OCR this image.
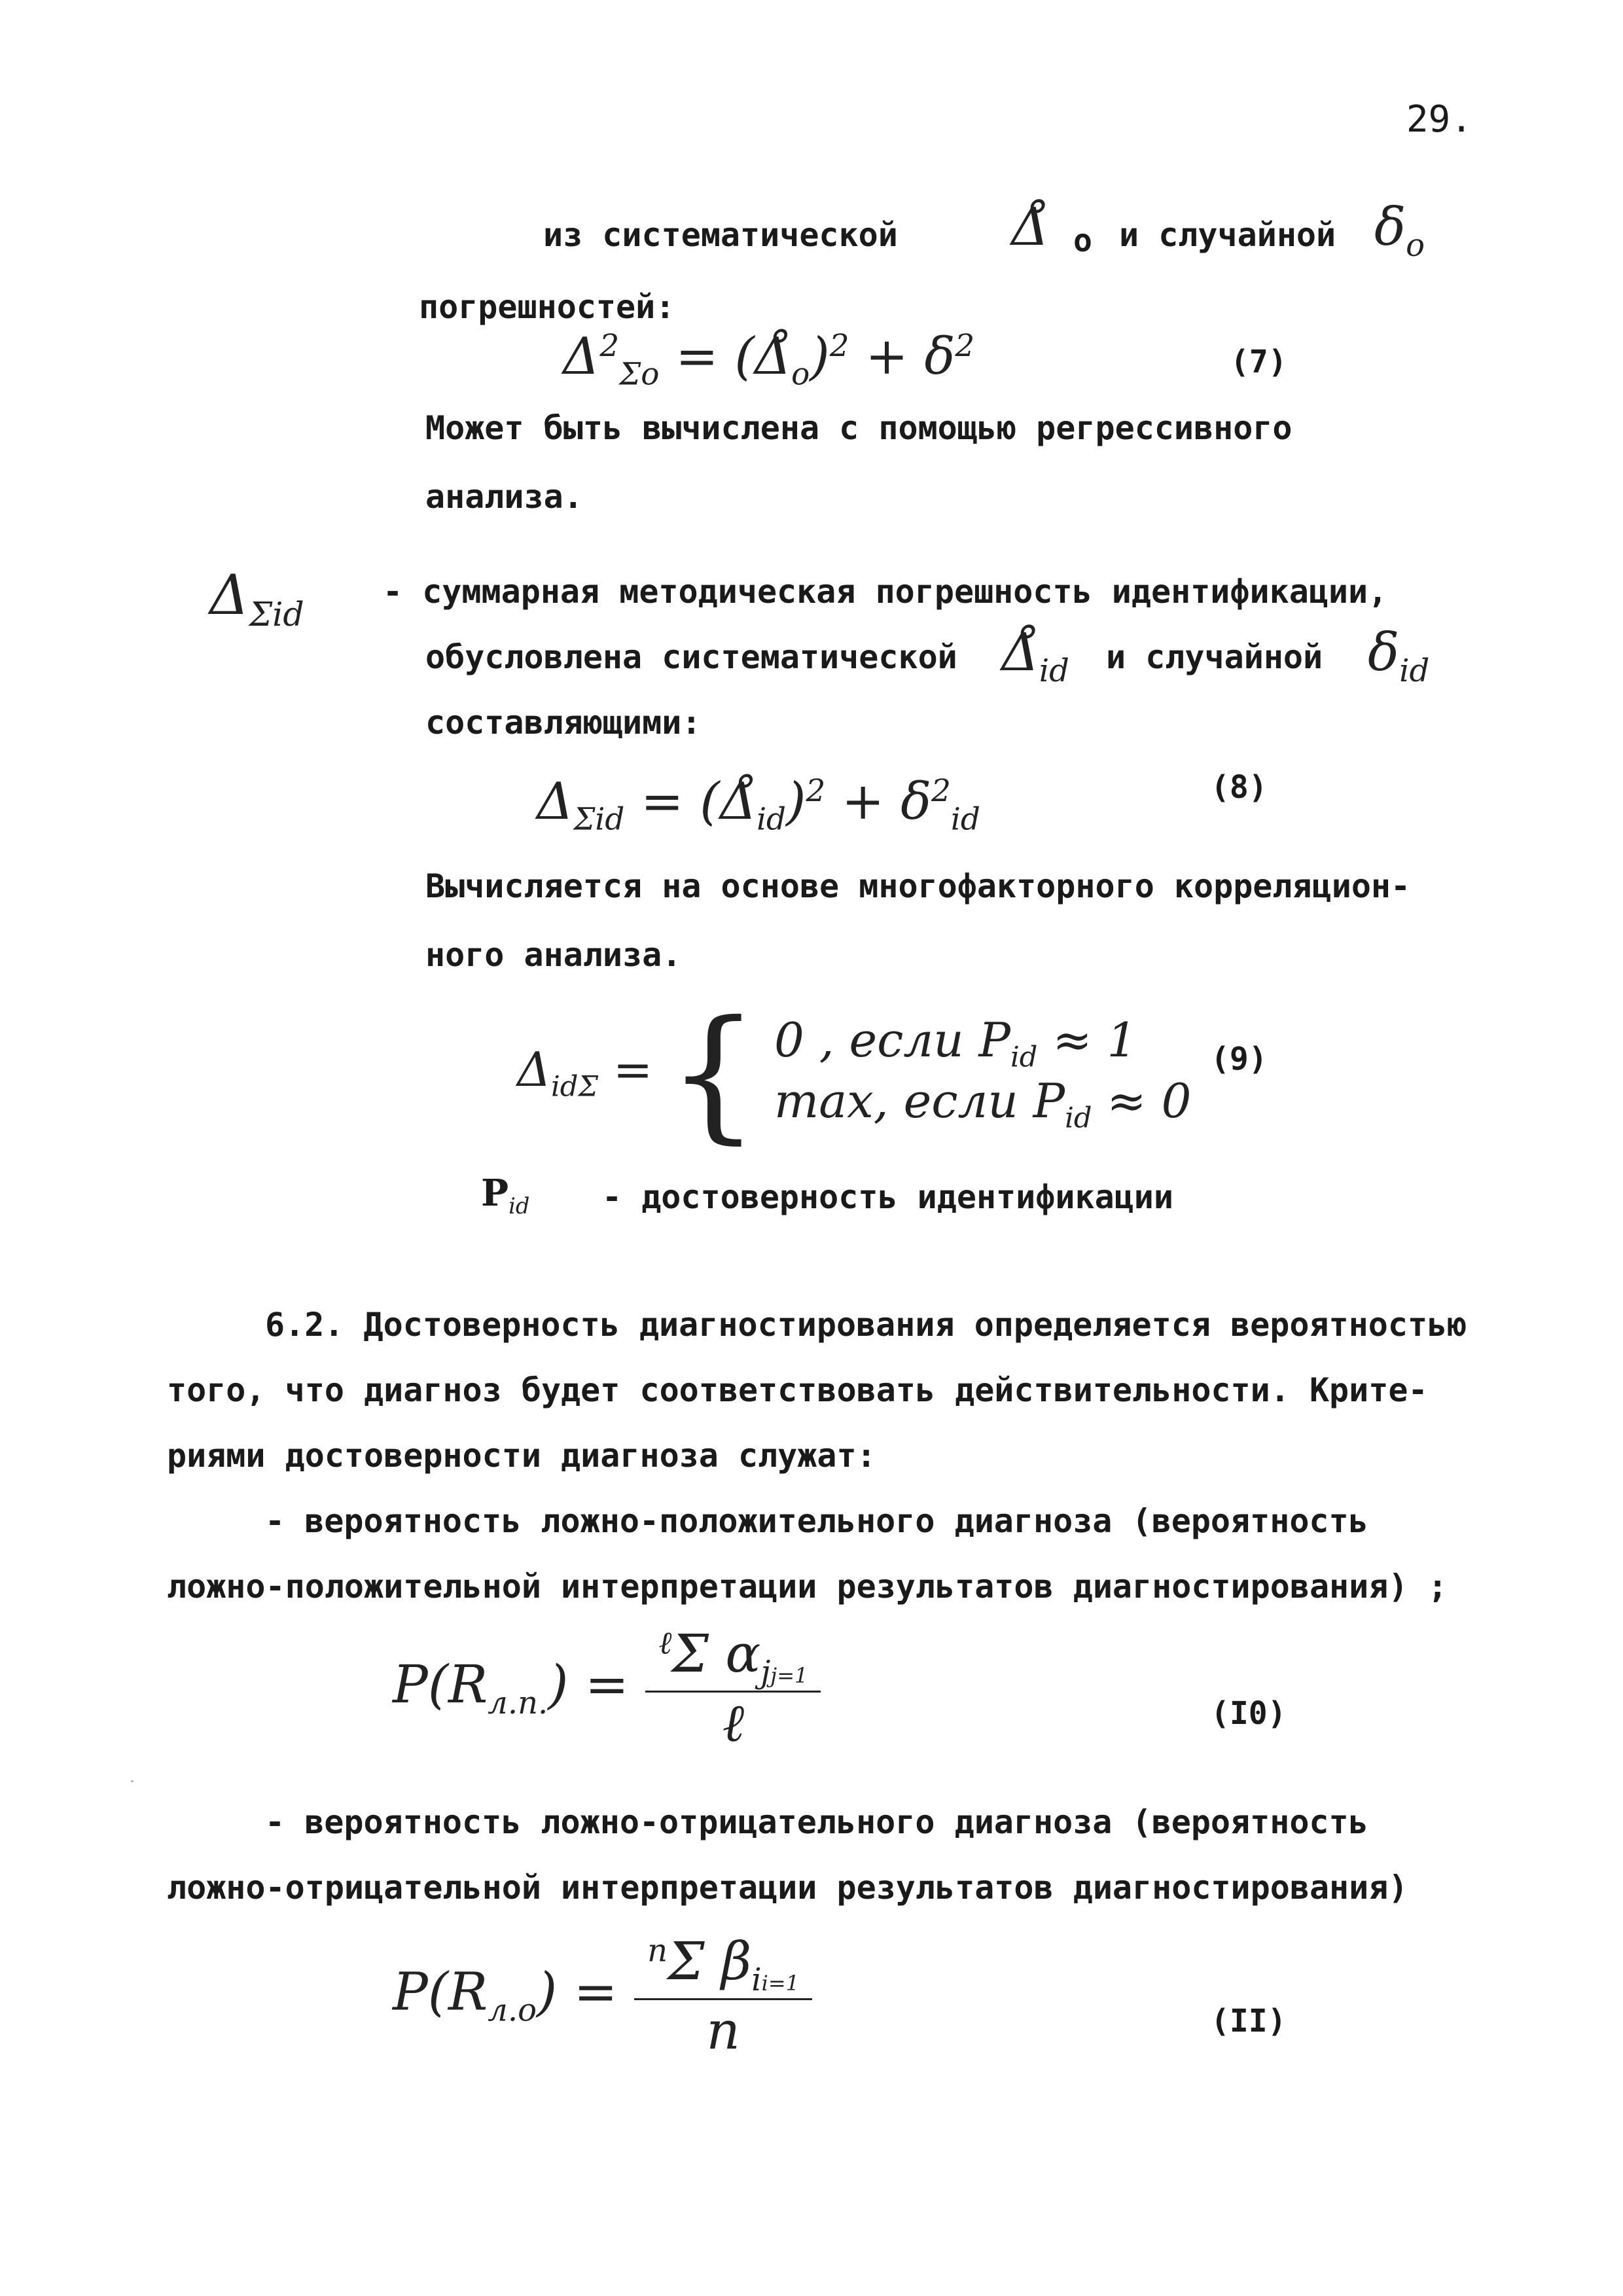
29.
из систематической Δ̊ o и случайной $\delta_o$
погрешностей:
$\Delta^2_{\Sigma o}$ = $(\Deltå_o)^2 + \delta^2$	(7)
Может быть вычислена с помощью регрессивного
анализа.
$\Delta_{\Sigma id}$
- суммарная методическая погрешность идентификации,
обусловлена систематической $\Deltå_{id}$ и случайной $\delta_{id}$
составляющими:
$\Delta_{\Sigma id}$ = $(\Deltå_{id})^2 + \delta^2_{id}$
(8)
Вычисляется на основе многофакторного корреляцион-
ного анализа.
$\Delta_{id\Sigma}$ = { 0 , если $P_{id} \approx 1$
max, если $P_{id} \approx 0$
(9)
$P_{id}$ - достоверность идентификации
6.2. Достоверность диагностирования определяется вероятностью
того, что диагноз будет соответствовать действительности. Крите-
риями достоверности диагноза служат:
- вероятность ложно-положительного диагноза (вероятность
ложно-положительной интерпретации результатов диагностирования) ;
$P(R_{л.п.}) = \frac{^\ell\Sigma \alpha_{jj=1}}{\text{ℓ}}$	(I0)
- вероятность ложно-отрицательного диагноза (вероятность
ложно-отрицательной интерпретации результатов диагностирования)
$P(R_{л.о}) = \frac{^n\Sigma \beta_{ii=1}}{n}$	(II)
